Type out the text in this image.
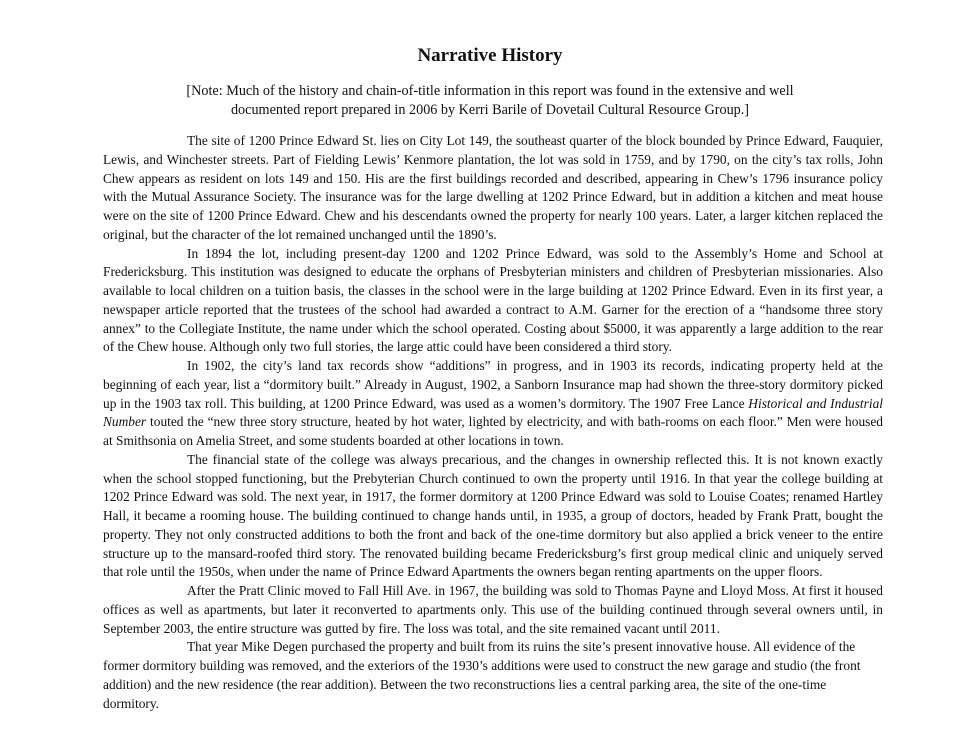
Narrative History

[Note: Much of the history and chain-of-title information in this report was found in the extensive and well documented report prepared in 2006 by Kerri Barile of Dovetail Cultural Resource Group.]

The site of 1200 Prince Edward St. lies on City Lot 149, the southeast quarter of the block bounded by Prince Edward, Fauquier, Lewis, and Winchester streets. Part of Fielding Lewis’ Kenmore plantation, the lot was sold in 1759, and by 1790, on the city’s tax rolls, John Chew appears as resident on lots 149 and 150. His are the first buildings recorded and described, appearing in Chew’s 1796 insurance policy with the Mutual Assurance Society. The insurance was for the large dwelling at 1202 Prince Edward, but in addition a kitchen and meat house were on the site of 1200 Prince Edward. Chew and his descendants owned the property for nearly 100 years. Later, a larger kitchen replaced the original, but the character of the lot remained unchanged until the 1890’s.

In 1894 the lot, including present-day 1200 and 1202 Prince Edward, was sold to the Assembly’s Home and School at Fredericksburg. This institution was designed to educate the orphans of Presbyterian ministers and children of Presbyterian missionaries. Also available to local children on a tuition basis, the classes in the school were in the large building at 1202 Prince Edward. Even in its first year, a newspaper article reported that the trustees of the school had awarded a contract to A.M. Garner for the erection of a “handsome three story annex” to the Collegiate Institute, the name under which the school operated. Costing about $5000, it was apparently a large addition to the rear of the Chew house. Although only two full stories, the large attic could have been considered a third story.

In 1902, the city’s land tax records show “additions” in progress, and in 1903 its records, indicating property held at the beginning of each year, list a “dormitory built.” Already in August, 1902, a Sanborn Insurance map had shown the three-story dormitory picked up in the 1903 tax roll. This building, at 1200 Prince Edward, was used as a women’s dormitory. The 1907 Free Lance Historical and Industrial Number touted the “new three story structure, heated by hot water, lighted by electricity, and with bath-rooms on each floor.” Men were housed at Smithsonia on Amelia Street, and some students boarded at other locations in town.

The financial state of the college was always precarious, and the changes in ownership reflected this. It is not known exactly when the school stopped functioning, but the Prebyterian Church continued to own the property until 1916. In that year the college building at 1202 Prince Edward was sold. The next year, in 1917, the former dormitory at 1200 Prince Edward was sold to Louise Coates; renamed Hartley Hall, it became a rooming house. The building continued to change hands until, in 1935, a group of doctors, headed by Frank Pratt, bought the property. They not only constructed additions to both the front and back of the one-time dormitory but also applied a brick veneer to the entire structure up to the mansard-roofed third story. The renovated building became Fredericksburg’s first group medical clinic and uniquely served that role until the 1950s, when under the name of Prince Edward Apartments the owners began renting apartments on the upper floors.

After the Pratt Clinic moved to Fall Hill Ave. in 1967, the building was sold to Thomas Payne and Lloyd Moss. At first it housed offices as well as apartments, but later it reconverted to apartments only. This use of the building continued through several owners until, in September 2003, the entire structure was gutted by fire. The loss was total, and the site remained vacant until 2011.

That year Mike Degen purchased the property and built from its ruins the site’s present innovative house. All evidence of the former dormitory building was removed, and the exteriors of the 1930’s additions were used to construct the new garage and studio (the front addition) and the new residence (the rear addition). Between the two reconstructions lies a central parking area, the site of the one-time dormitory.
